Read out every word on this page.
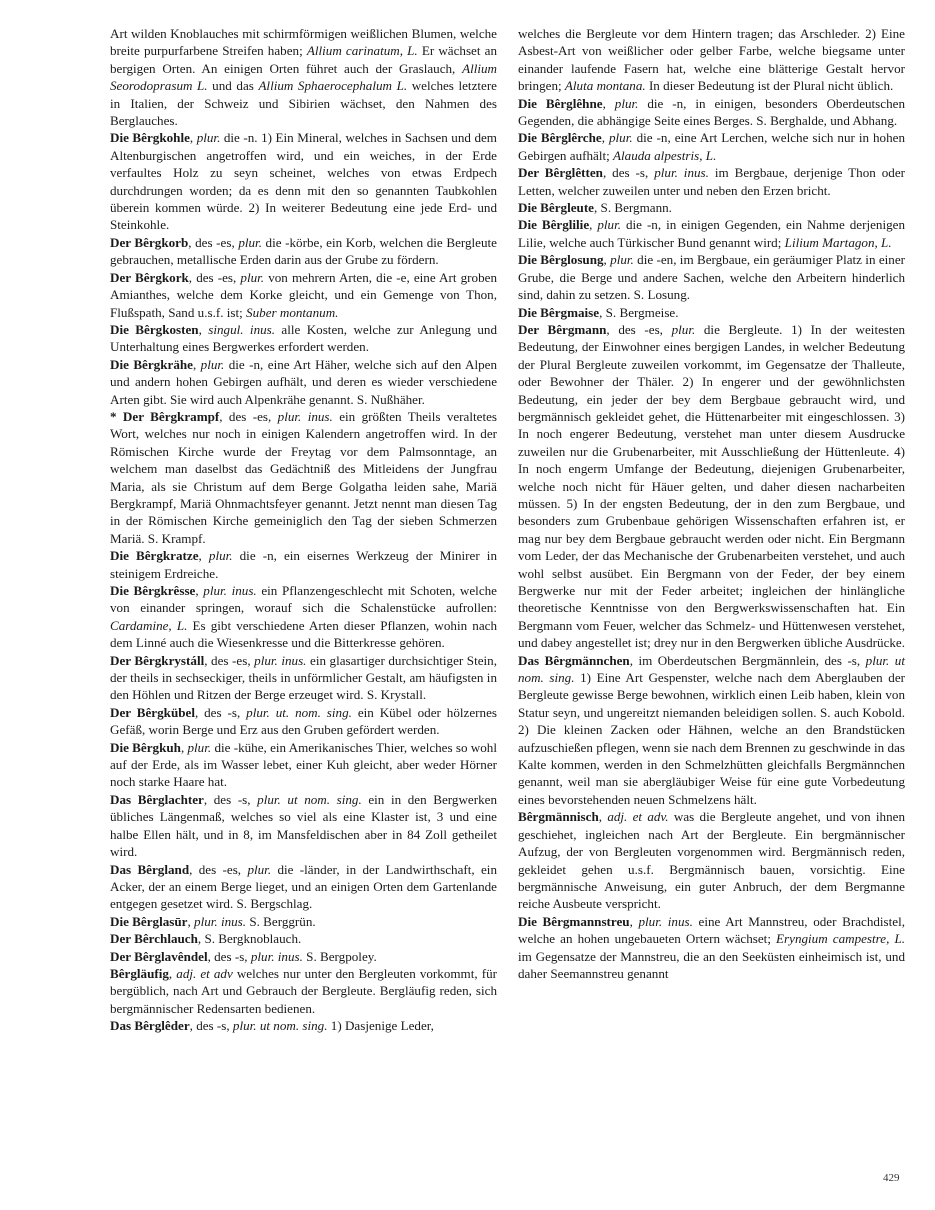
Art wilden Knoblauches mit schirmförmigen weißlichen Blumen, welche breite purpurfarbene Streifen haben; Allium carinatum, L. Er wächset an bergigen Orten. An einigen Orten führet auch der Graslauch, Allium Seorodoprasum L. und das Allium Sphaerocephalum L. welches letztere in Italien, der Schweiz und Sibirien wächset, den Nahmen des Berglauches.

Die Bêrgkohle, plur. die -n. 1) Ein Mineral, welches in Sachsen und dem Altenburgischen angetroffen wird, und ein weiches, in der Erde verfaultes Holz zu seyn scheinet, welches von etwas Erdpech durchdrungen worden; da es denn mit den so genannten Taubkohlen überein kommen würde. 2) In weiterer Bedeutung eine jede Erd- und Steinkohle.

Der Bêrgkorb, des -es, plur. die -körbe, ein Korb, welchen die Bergleute gebrauchen, metallische Erden darin aus der Grube zu fördern.

Der Bêrgkork, des -es, plur. von mehrern Arten, die -e, eine Art groben Amianthes, welche dem Korke gleicht, und ein Gemenge von Thon, Flußspath, Sand u.s.f. ist; Suber montanum.

Die Bêrgkosten, singul. inus. alle Kosten, welche zur Anlegung und Unterhaltung eines Bergwerkes erfordert werden.

Die Bêrgkrähe, plur. die -n, eine Art Häher, welche sich auf den Alpen und andern hohen Gebirgen aufhält, und deren es wieder verschiedene Arten gibt. Sie wird auch Alpenkrähe genannt. S. Nußhäher.

* Der Bêrgkrampf, des -es, plur. inus. ein größten Theils veraltetes Wort, welches nur noch in einigen Kalendern angetroffen wird. In der Römischen Kirche wurde der Freytag vor dem Palmsonntage, an welchem man daselbst das Gedächtniß des Mitleidens der Jungfrau Maria, als sie Christum auf dem Berge Golgatha leiden sahe, Mariä Bergkrampf, Mariä Ohnmachtsfeyer genannt. Jetzt nennt man diesen Tag in der Römischen Kirche gemeiniglich den Tag der sieben Schmerzen Mariä. S. Krampf.

Die Bêrgkratze, plur. die -n, ein eisernes Werkzeug der Minirer in steinigem Erdreiche.

Die Bêrgkrêsse, plur. inus. ein Pflanzengeschlecht mit Schoten, welche von einander springen, worauf sich die Schalenstücke aufrollen: Cardamine, L. Es gibt verschiedene Arten dieser Pflanzen, wohin nach dem Linné auch die Wiesenkresse und die Bitterkresse gehören.

Der Bêrgkrystáll, des -es, plur. inus. ein glasartiger durchsichtiger Stein, der theils in sechseckiger, theils in unförmlicher Gestalt, am häufigsten in den Höhlen und Ritzen der Berge erzeuget wird. S. Krystall.

Der Bêrgkübel, des -s, plur. ut. nom. sing. ein Kübel oder hölzernes Gefäß, worin Berge und Erz aus den Gruben gefördert werden.

Die Bêrgkuh, plur. die -kühe, ein Amerikanisches Thier, welches so wohl auf der Erde, als im Wasser lebet, einer Kuh gleicht, aber weder Hörner noch starke Haare hat.

Das Bêrglachter, des -s, plur. ut nom. sing. ein in den Bergwerken übliches Längenmaß, welches so viel als eine Klaster ist, 3 und eine halbe Ellen hält, und in 8, im Mansfeldischen aber in 84 Zoll getheilet wird.

Das Bêrgland, des -es, plur. die -länder, in der Landwirthschaft, ein Acker, der an einem Berge lieget, und an einigen Orten dem Gartenlande entgegen gesetzet wird. S. Bergschlag.

Die Bêrglasūr, plur. inus. S. Berggrün.

Der Bêrchlauch, S. Bergknoblauch.

Der Bêrglavêndel, des -s, plur. inus. S. Bergpoley.

Bêrgläufig, adj. et adv welches nur unter den Bergleuten vorkommt, für bergüblich, nach Art und Gebrauch der Bergleute. Bergläufig reden, sich bergmännischer Redensarten bedienen.

Das Bêrglêder, des -s, plur. ut nom. sing. 1) Dasjenige Leder,

welches die Bergleute vor dem Hintern tragen; das Arschleder. 2) Eine Asbest-Art von weißlicher oder gelber Farbe, welche biegsame unter einander laufende Fasern hat, welche eine blätterige Gestalt hervor bringen; Aluta montana. In dieser Bedeutung ist der Plural nicht üblich.

Die Bêrglêhne, plur. die -n, in einigen, besonders Oberdeutschen Gegenden, die abhängige Seite eines Berges. S. Berghalde, und Abhang.

Die Bêrglêrche, plur. die -n, eine Art Lerchen, welche sich nur in hohen Gebirgen aufhält; Alauda alpestris, L.

Der Bêrglêtten, des -s, plur. inus. im Bergbaue, derjenige Thon oder Letten, welcher zuweilen unter und neben den Erzen bricht.

Die Bêrgleute, S. Bergmann.

Die Bêrglilie, plur. die -n, in einigen Gegenden, ein Nahme derjenigen Lilie, welche auch Türkischer Bund genannt wird; Lilium Martagon, L.

Die Bêrglosung, plur. die -en, im Bergbaue, ein geräumiger Platz in einer Grube, die Berge und andere Sachen, welche den Arbeitern hinderlich sind, dahin zu setzen. S. Losung.

Die Bêrgmaise, S. Bergmeise.

Der Bêrgmann, des -es, plur. die Bergleute. 1) In der weitesten Bedeutung, der Einwohner eines bergigen Landes, in welcher Bedeutung der Plural Bergleute zuweilen vorkommt, im Gegensatze der Thalleute, oder Bewohner der Thäler. 2) In engerer und der gewöhnlichsten Bedeutung, ein jeder der bey dem Bergbaue gebraucht wird, und bergmännisch gekleidet gehet, die Hüttenarbeiter mit eingeschlossen. 3) In noch engerer Bedeutung, verstehet man unter diesem Ausdrucke zuweilen nur die Grubenarbeiter, mit Ausschließung der Hüttenleute. 4) In noch engerm Umfange der Bedeutung, diejenigen Grubenarbeiter, welche noch nicht für Häuer gelten, und daher diesen nacharbeiten müssen. 5) In der engsten Bedeutung, der in den zum Bergbaue, und besonders zum Grubenbaue gehörigen Wissenschaften erfahren ist, er mag nur bey dem Bergbaue gebraucht werden oder nicht. Ein Bergmann vom Leder, der das Mechanische der Grubenarbeiten verstehet, und auch wohl selbst ausübet. Ein Bergmann von der Feder, der bey einem Bergwerke nur mit der Feder arbeitet; ingleichen der hinlängliche theoretische Kenntnisse von den Bergwerkswissenschaften hat. Ein Bergmann vom Feuer, welcher das Schmelz- und Hüttenwesen verstehet, und dabey angestellet ist; drey nur in den Bergwerken übliche Ausdrücke.

Das Bêrgmännchen, im Oberdeutschen Bergmännlein, des -s, plur. ut nom. sing. 1) Eine Art Gespenster, welche nach dem Aberglauben der Bergleute gewisse Berge bewohnen, wirklich einen Leib haben, klein von Statur seyn, und ungereitzt niemanden beleidigen sollen. S. auch Kobold. 2) Die kleinen Zacken oder Hähnen, welche an den Brandstücken aufzuschießen pflegen, wenn sie nach dem Brennen zu geschwinde in das Kalte kommen, werden in den Schmelzhütten gleichfalls Bergmännchen genannt, weil man sie abergläubiger Weise für eine gute Vorbedeutung eines bevorstehenden neuen Schmelzens hält.

Bêrgmännisch, adj. et adv. was die Bergleute angehet, und von ihnen geschiehet, ingleichen nach Art der Bergleute. Ein bergmännischer Aufzug, der von Bergleuten vorgenommen wird. Bergmännisch reden, gekleidet gehen u.s.f. Bergmännisch bauen, vorsichtig. Eine bergmännische Anweisung, ein guter Anbruch, der dem Bergmanne reiche Ausbeute verspricht.

Die Bêrgmannstreu, plur. inus. eine Art Mannstreu, oder Brachdistel, welche an hohen ungebaueten Ortern wächset; Eryngium campestre, L. im Gegensatze der Mannstreu, die an den Seeküsten einheimisch ist, und daher Seemannstreu genannt

429
